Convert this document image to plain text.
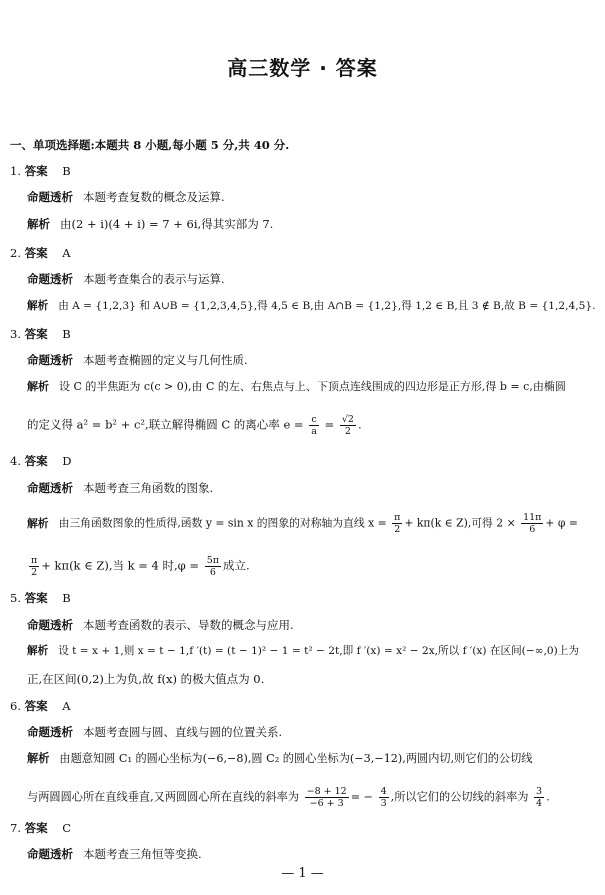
高三数学 · 答案
一、单项选择题:本题共 8 小题,每小题 5 分,共 40 分.
1. 答案 B
命题透析 本题考查复数的概念及运算.
解析 由(2 + i)(4 + i) = 7 + 6i,得其实部为 7.
2. 答案 A
命题透析 本题考查集合的表示与运算.
解析 由 A = {1,2,3} 和 A∪B = {1,2,3,4,5},得 4,5 ∈ B,由 A∩B = {1,2},得 1,2 ∈ B,且 3 ∉ B,故 B = {1,2,4,5}.
3. 答案 B
命题透析 本题考查椭圆的定义与几何性质.
解析 设 C 的半焦距为 c(c > 0),由 C 的左、右焦点与上、下顶点连线围成的四边形是正方形,得 b = c,由椭圆
的定义得 a² = b² + c²,联立解得椭圆 C 的离心率 $e = \frac{c}{a} = \frac{√2}{2}$ .
4. 答案 D
命题透析 本题考查三角函数的图象.
解析 由三角函数图象的性质得,函数 y = sin x 的图象的对称轴为直线 $x = \frac{\pi}{2} + k\pi(k$ ∈ Z),可得 $2 \times \frac{11\pi}{6} + \varphi$ =
$\frac{\pi}{2} + k\pi(k$ ∈ Z),当 k = 4 时$,\varphi = \frac{5\pi}{6}$ 成立.
5. 答案 B
命题透析 本题考查函数的表示、导数的概念与应用.
解析 设 t = x + 1,则 x = t − 1,f ′(t) = (t − 1)² − 1 = t² − 2t,即 f ′(x) = x² − 2x,所以 f ′(x) 在区间(−∞,0)上为
正,在区间(0,2)上为负,故 f(x) 的极大值点为 0.
6. 答案 A
命题透析 本题考查圆与圆、直线与圆的位置关系.
解析 由题意知圆 C₁ 的圆心坐标为(−6,−8),圆 C₂ 的圆心坐标为(−3,−12),两圆内切,则它们的公切线
与两圆圆心所在直线垂直,又两圆圆心所在直线的斜率为 $\frac{-8 + 12}{-6 + 3}$ = − $\frac{4}{3}$ ,所以它们的公切线的斜率为 $\frac{3}{4}$ .
7. 答案 C
命题透析 本题考查三角恒等变换.
— 1 —
